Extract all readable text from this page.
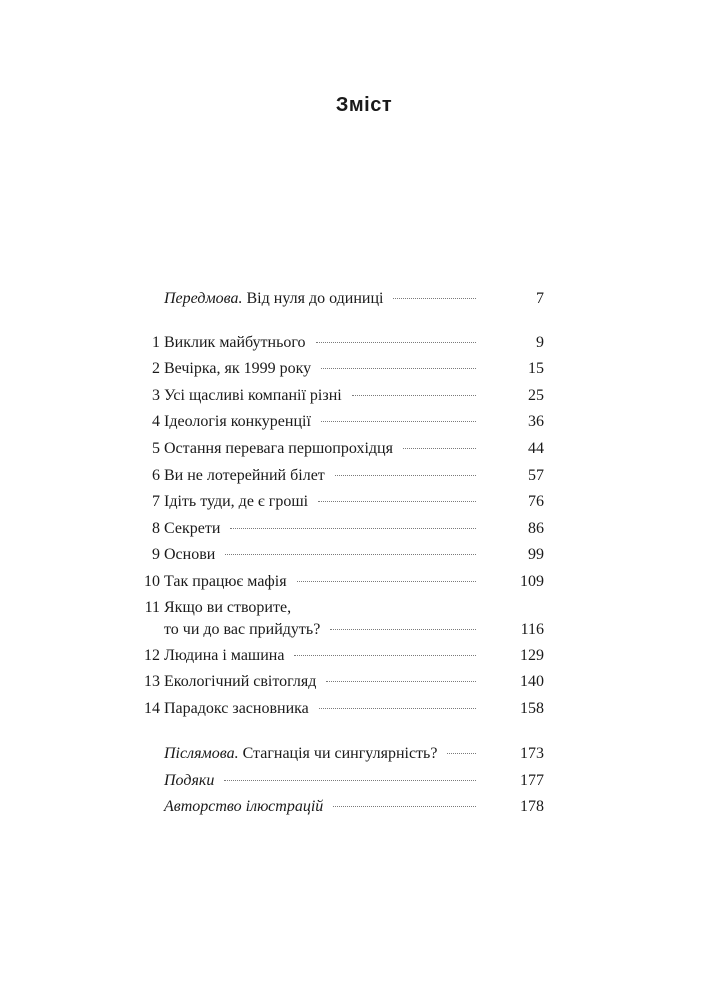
Зміст
Передмова. Від нуля до одиниці	7
1 Виклик майбутнього	9
2 Вечірка, як 1999 року	15
3 Усі щасливі компанії різні	25
4 Ідеологія конкуренції	36
5 Остання перевага першопрохідця	44
6 Ви не лотерейний білет	57
7 Ідіть туди, де є гроші	76
8 Секрети	86
9 Основи	99
10 Так працює мафія	109
11 Якщо ви створите,
то чи до вас прийдуть?	116
12 Людина і машина	129
13 Екологічний світогляд	140
14 Парадокс засновника	158
Післямова. Стагнація чи сингулярність?	173
Подяки	177
Авторство ілюстрацій	178
